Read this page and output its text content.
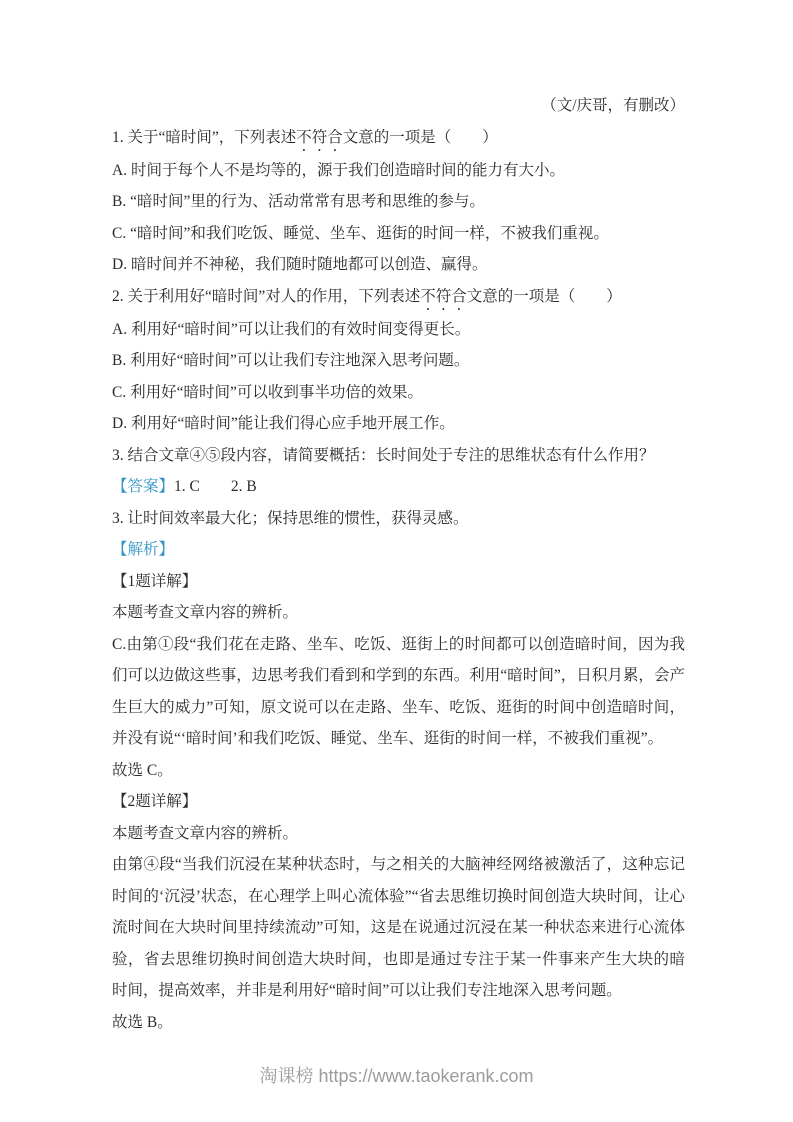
（文/庆哥，有删改）
1. 关于“暗时间”，下列表述不符合文意的一项是（　　）
A. 时间于每个人不是均等的，源于我们创造暗时间的能力有大小。
B. “暗时间”里的行为、活动常常有思考和思维的参与。
C. “暗时间”和我们吃饭、睡觉、坐车、逛街的时间一样，不被我们重视。
D. 暗时间并不神秘，我们随时随地都可以创造、赢得。
2. 关于利用好“暗时间”对人的作用，下列表述不符合文意的一项是（　　）
A. 利用好“暗时间”可以让我们的有效时间变得更长。
B. 利用好“暗时间”可以让我们专注地深入思考问题。
C. 利用好“暗时间”可以收到事半功倍的效果。
D. 利用好“暗时间”能让我们得心应手地开展工作。
3. 结合文章④⑤段内容，请简要概括：长时间处于专注的思维状态有什么作用？
【答案】1. C　　2. B
3. 让时间效率最大化；保持思维的惯性，获得灵感。
【解析】
【1题详解】
本题考查文章内容的辨析。

C.由第①段“我们花在走路、坐车、吃饭、逛街上的时间都可以创造暗时间，因为我们可以边做这些事，边思考我们看到和学到的东西。利用“暗时间”，日积月累，会产生巨大的威力”可知，原文说可以在走路、坐车、吃饭、逛街的时间中创造暗时间，并没有说“‘暗时间’和我们吃饭、睡觉、坐车、逛街的时间一样，不被我们重视”。

故选 C。
【2题详解】
本题考查文章内容的辨析。

由第④段“当我们沉浸在某种状态时，与之相关的大脑神经网络被激活了，这种忘记时间的‘沉浸’状态，在心理学上叫心流体验”“省去思维切换时间创造大块时间，让心流时间在大块时间里持续流动”可知，这是在说通过沉浸在某一种状态来进行心流体验，省去思维切换时间创造大块时间，也即是通过专注于某一件事来产生大块的暗时间，提高效率，并非是利用好“暗时间”可以让我们专注地深入思考问题。

故选 B。
淘课榜 https://www.taokerank.com
